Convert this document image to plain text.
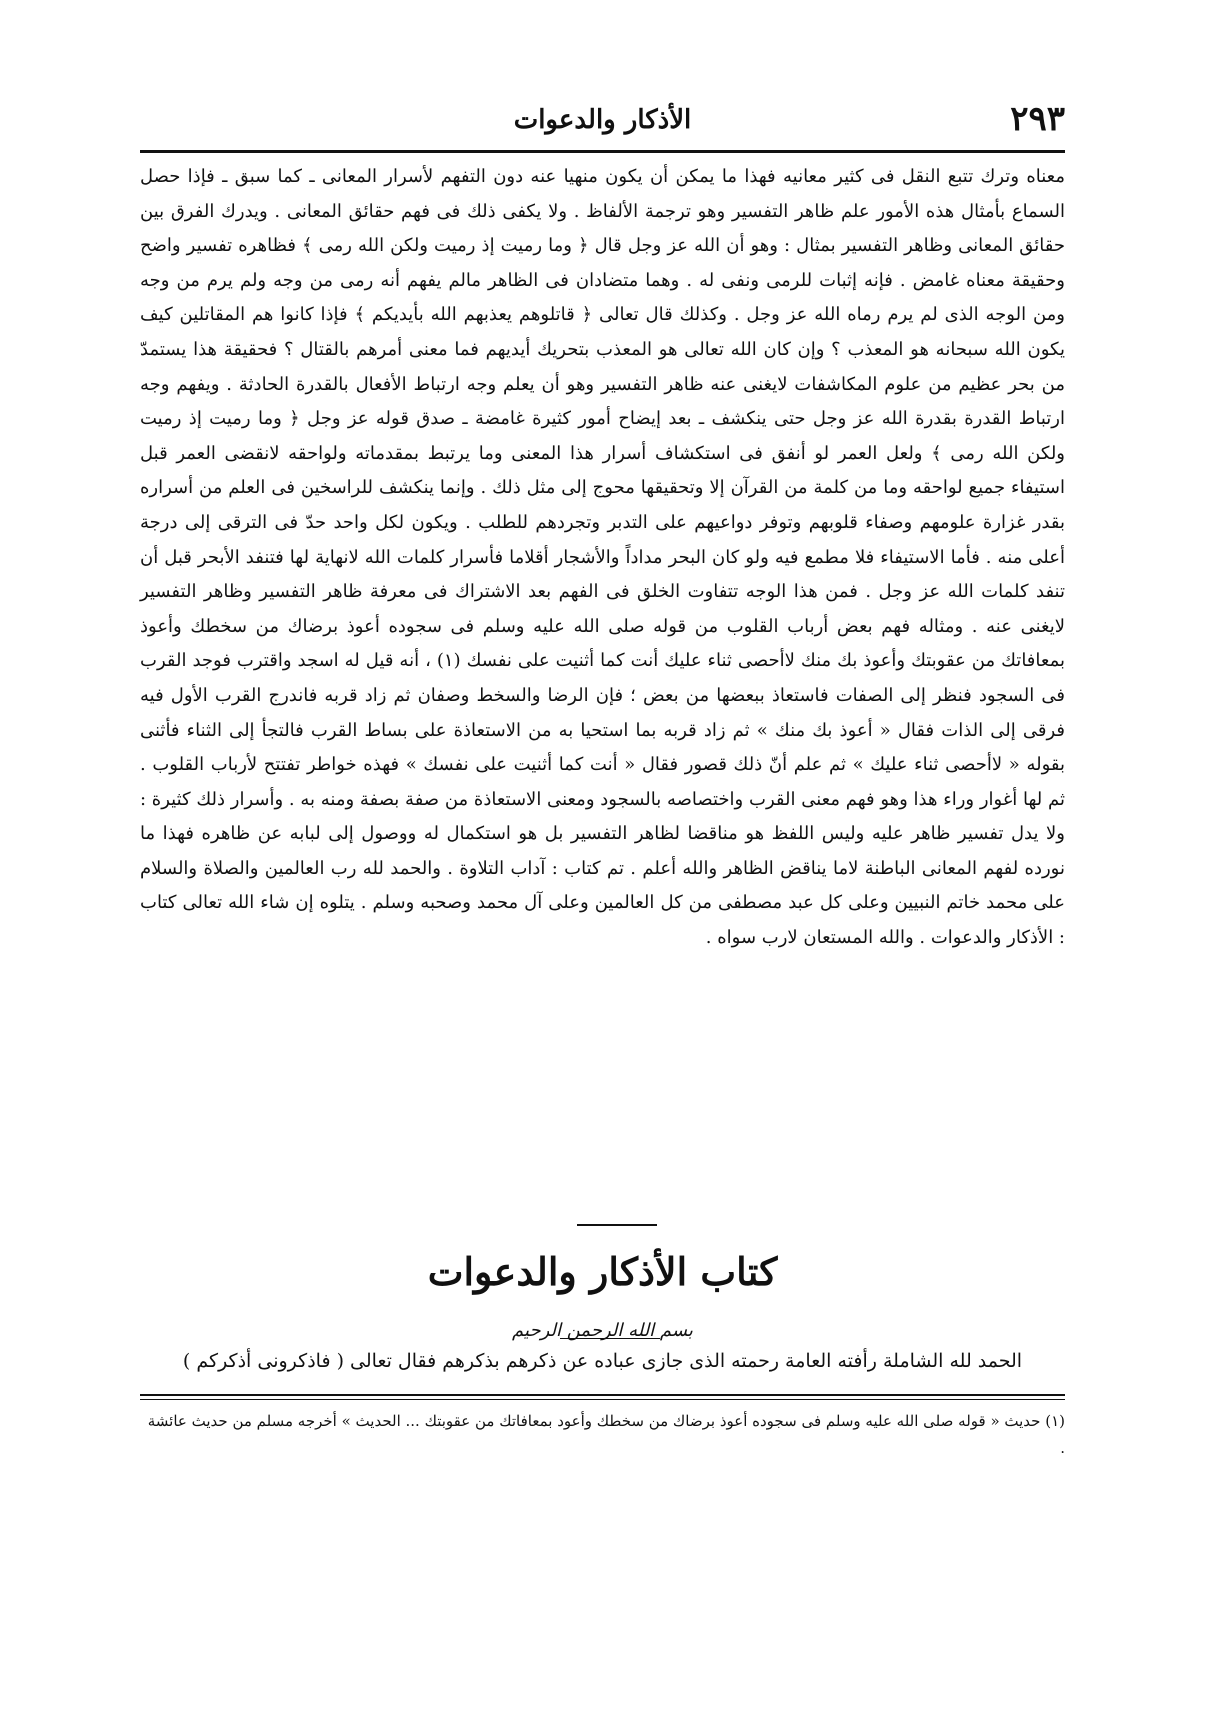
الأذكار والدعوات	٢٩٣

معناه وترك تتبع النقل فى كثير معانيه فهذا ما يمكن أن يكون منهيا عنه دون التفهم لأسرار المعانى ـ كما سبق ـ فإذا حصل السماع بأمثال هذه الأمور علم ظاهر التفسير وهو ترجمة الألفاظ . ولا يكفى ذلك فى فهم حقائق المعانى . ويدرك الفرق بين حقائق المعانى وظاهر التفسير بمثال : وهو أن الله عز وجل قال ﴿ وما رميت إذ رميت ولكن الله رمى ﴾ فظاهره تفسير واضح وحقيقة معناه غامض . فإنه إثبات للرمى ونفى له . وهما متضادان فى الظاهر مالم يفهم أنه رمى من وجه ولم يرم من وجه ومن الوجه الذى لم يرم رماه الله عز وجل . وكذلك قال تعالى ﴿ قاتلوهم يعذبهم الله بأيديكم ﴾ فإذا كانوا هم المقاتلين كيف يكون الله سبحانه هو المعذب ؟ وإن كان الله تعالى هو المعذب بتحريك أيديهم فما معنى أمرهم بالقتال ؟ فحقيقة هذا يستمدّ من بحر عظيم من علوم المكاشفات لايغنى عنه ظاهر التفسير وهو أن يعلم وجه ارتباط الأفعال بالقدرة الحادثة . ويفهم وجه ارتباط القدرة بقدرة الله عز وجل حتى ينكشف ـ بعد إيضاح أمور كثيرة غامضة ـ صدق قوله عز وجل ﴿ وما رميت إذ رميت ولكن الله رمى ﴾ ولعل العمر لو أنفق فى استكشاف أسرار هذا المعنى وما يرتبط بمقدماته ولواحقه لانقضى العمر قبل استيفاء جميع لواحقه وما من كلمة من القرآن إلا وتحقيقها محوج إلى مثل ذلك . وإنما ينكشف للراسخين فى العلم من أسراره بقدر غزارة علومهم وصفاء قلوبهم وتوفر دواعيهم على التدبر وتجردهم للطلب . ويكون لكل واحد حدّ فى الترقى إلى درجة أعلى منه . فأما الاستيفاء فلا مطمع فيه ولو كان البحر مداداً والأشجار أقلاما فأسرار كلمات الله لانهاية لها فتنفد الأبحر قبل أن تنفد كلمات الله عز وجل . فمن هذا الوجه تتفاوت الخلق فى الفهم بعد الاشتراك فى معرفة ظاهر التفسير وظاهر التفسير لايغنى عنه . ومثاله فهم بعض أرباب القلوب من قوله صلى الله عليه وسلم فى سجوده أعوذ برضاك من سخطك وأعوذ بمعافاتك من عقوبتك وأعوذ بك منك لاأحصى ثناء عليك أنت كما أثنيت على نفسك (١) ، أنه قيل له اسجد واقترب فوجد القرب فى السجود فنظر إلى الصفات فاستعاذ ببعضها من بعض ؛ فإن الرضا والسخط وصفان ثم زاد قربه فاندرج القرب الأول فيه فرقى إلى الذات فقال « أعوذ بك منك » ثم زاد قربه بما استحيا به من الاستعاذة على بساط القرب فالتجأ إلى الثناء فأثنى بقوله « لاأحصى ثناء عليك » ثم علم أنّ ذلك قصور فقال « أنت كما أثنيت على نفسك » فهذه خواطر تفتتح لأرباب القلوب . ثم لها أغوار وراء هذا وهو فهم معنى القرب واختصاصه بالسجود ومعنى الاستعاذة من صفة بصفة ومنه به . وأسرار ذلك كثيرة : ولا يدل تفسير ظاهر عليه وليس اللفظ هو مناقضا لظاهر التفسير بل هو استكمال له ووصول إلى لبابه عن ظاهره فهذا ما نورده لفهم المعانى الباطنة لاما يناقض الظاهر والله أعلم . تم كتاب : آداب التلاوة . والحمد لله رب العالمين والصلاة والسلام على محمد خاتم النبيين وعلى كل عبد مصطفى من كل العالمين وعلى آل محمد وصحبه وسلم . يتلوه إن شاء الله تعالى كتاب : الأذكار والدعوات . والله المستعان لارب سواه .

كتاب الأذكار والدعوات
بسم الله الرحمن الرحيم
الحمد لله الشاملة رأفته العامة رحمته الذى جازى عباده عن ذكرهم بذكرهم فقال تعالى ( فاذكرونى أذكركم )
(١) حديث « قوله صلى الله عليه وسلم فى سجوده أعوذ برضاك من سخطك وأعود بمعافاتك من عقوبتك ... الحديث » أخرجه مسلم من حديث عائشة .
